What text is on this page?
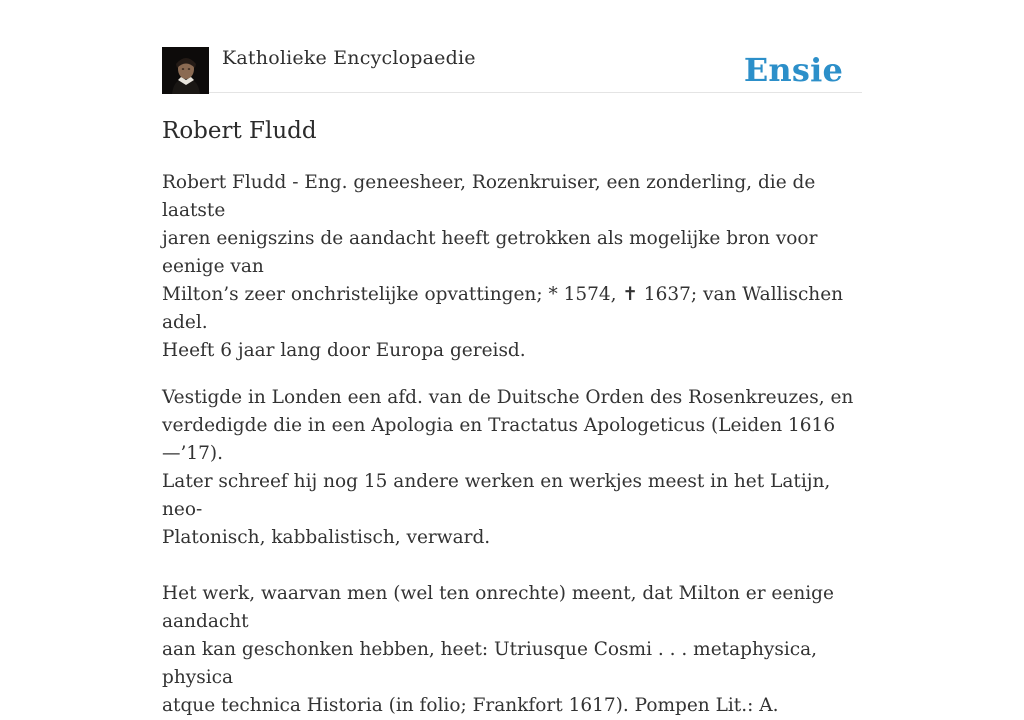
Katholieke Encyclopaedie	Ensie
Robert Fludd

Robert Fludd - Eng. geneesheer, Rozenkruiser, een zonderling, die de laatste
jaren eenigszins de aandacht heeft getrokken als mogelijke bron voor eenige van
Milton’s zeer onchristelijke opvattingen; * 1574, ✝ 1637; van Wallischen adel.
Heeft 6 jaar lang door Europa gereisd.

Vestigde in Londen een afd. van de Duitsche Orden des Rosenkreuzes, en
verdedigde die in een Apologia en Tractatus Apologeticus (Leiden 1616—’17).
Later schreef hij nog 15 andere werken en werkjes meest in het Latijn, neo-
Platonisch, kabbalistisch, verward.

Het werk, waarvan men (wel ten onrechte) meent, dat Milton er eenige aandacht
aan kan geschonken hebben, heet: Utriusque Cosmi . . . metaphysica, physica
atque technica Historia (in folio; Frankfort 1617). Pompen Lit.: A.
